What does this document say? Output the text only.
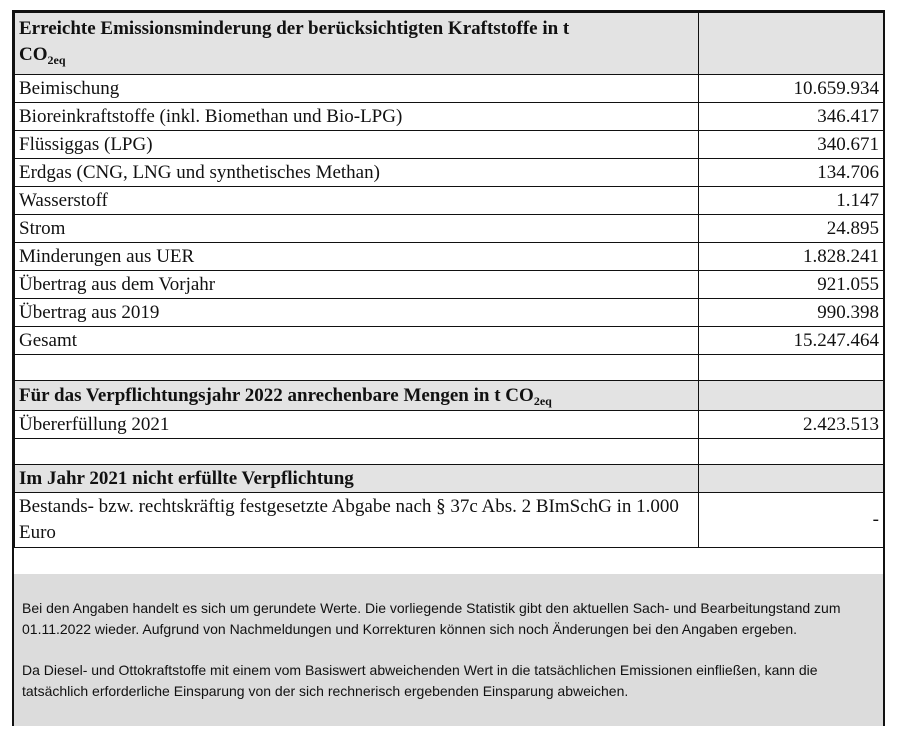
Erreichte Emissionsminderung der berücksichtigten Kraftstoffe in t
$CO_{2eq}$	
Beimischung	10.659.934
Bioreinkraftstoffe (inkl. Biomethan und Bio-LPG)	346.417
Flüssiggas (LPG)	340.671
Erdgas (CNG, LNG und synthetisches Methan)	134.706
Wasserstoff	1.147
Strom	24.895
Minderungen aus UER	1.828.241
Übertrag aus dem Vorjahr	921.055
Übertrag aus 2019	990.398
Gesamt	15.247.464

Für das Verpflichtungsjahr 2022 anrechenbare Mengen in t $CO_{2eq}$	
Übererfüllung 2021	2.423.513

Im Jahr 2021 nicht erfüllte Verpflichtung	
Bestands- bzw. rechtskräftig festgesetzte Abgabe nach § 37c Abs. 2 BImSchG in 1.000 Euro	-

Bei den Angaben handelt es sich um gerundete Werte. Die vorliegende Statistik gibt den aktuellen Sach- und Bearbeitungstand zum 01.11.2022 wieder. Aufgrund von Nachmeldungen und Korrekturen können sich noch Änderungen bei den Angaben ergeben.

Da Diesel- und Ottokraftstoffe mit einem vom Basiswert abweichenden Wert in die tatsächlichen Emissionen einfließen, kann die tatsächlich erforderliche Einsparung von der sich rechnerisch ergebenden Einsparung abweichen.
